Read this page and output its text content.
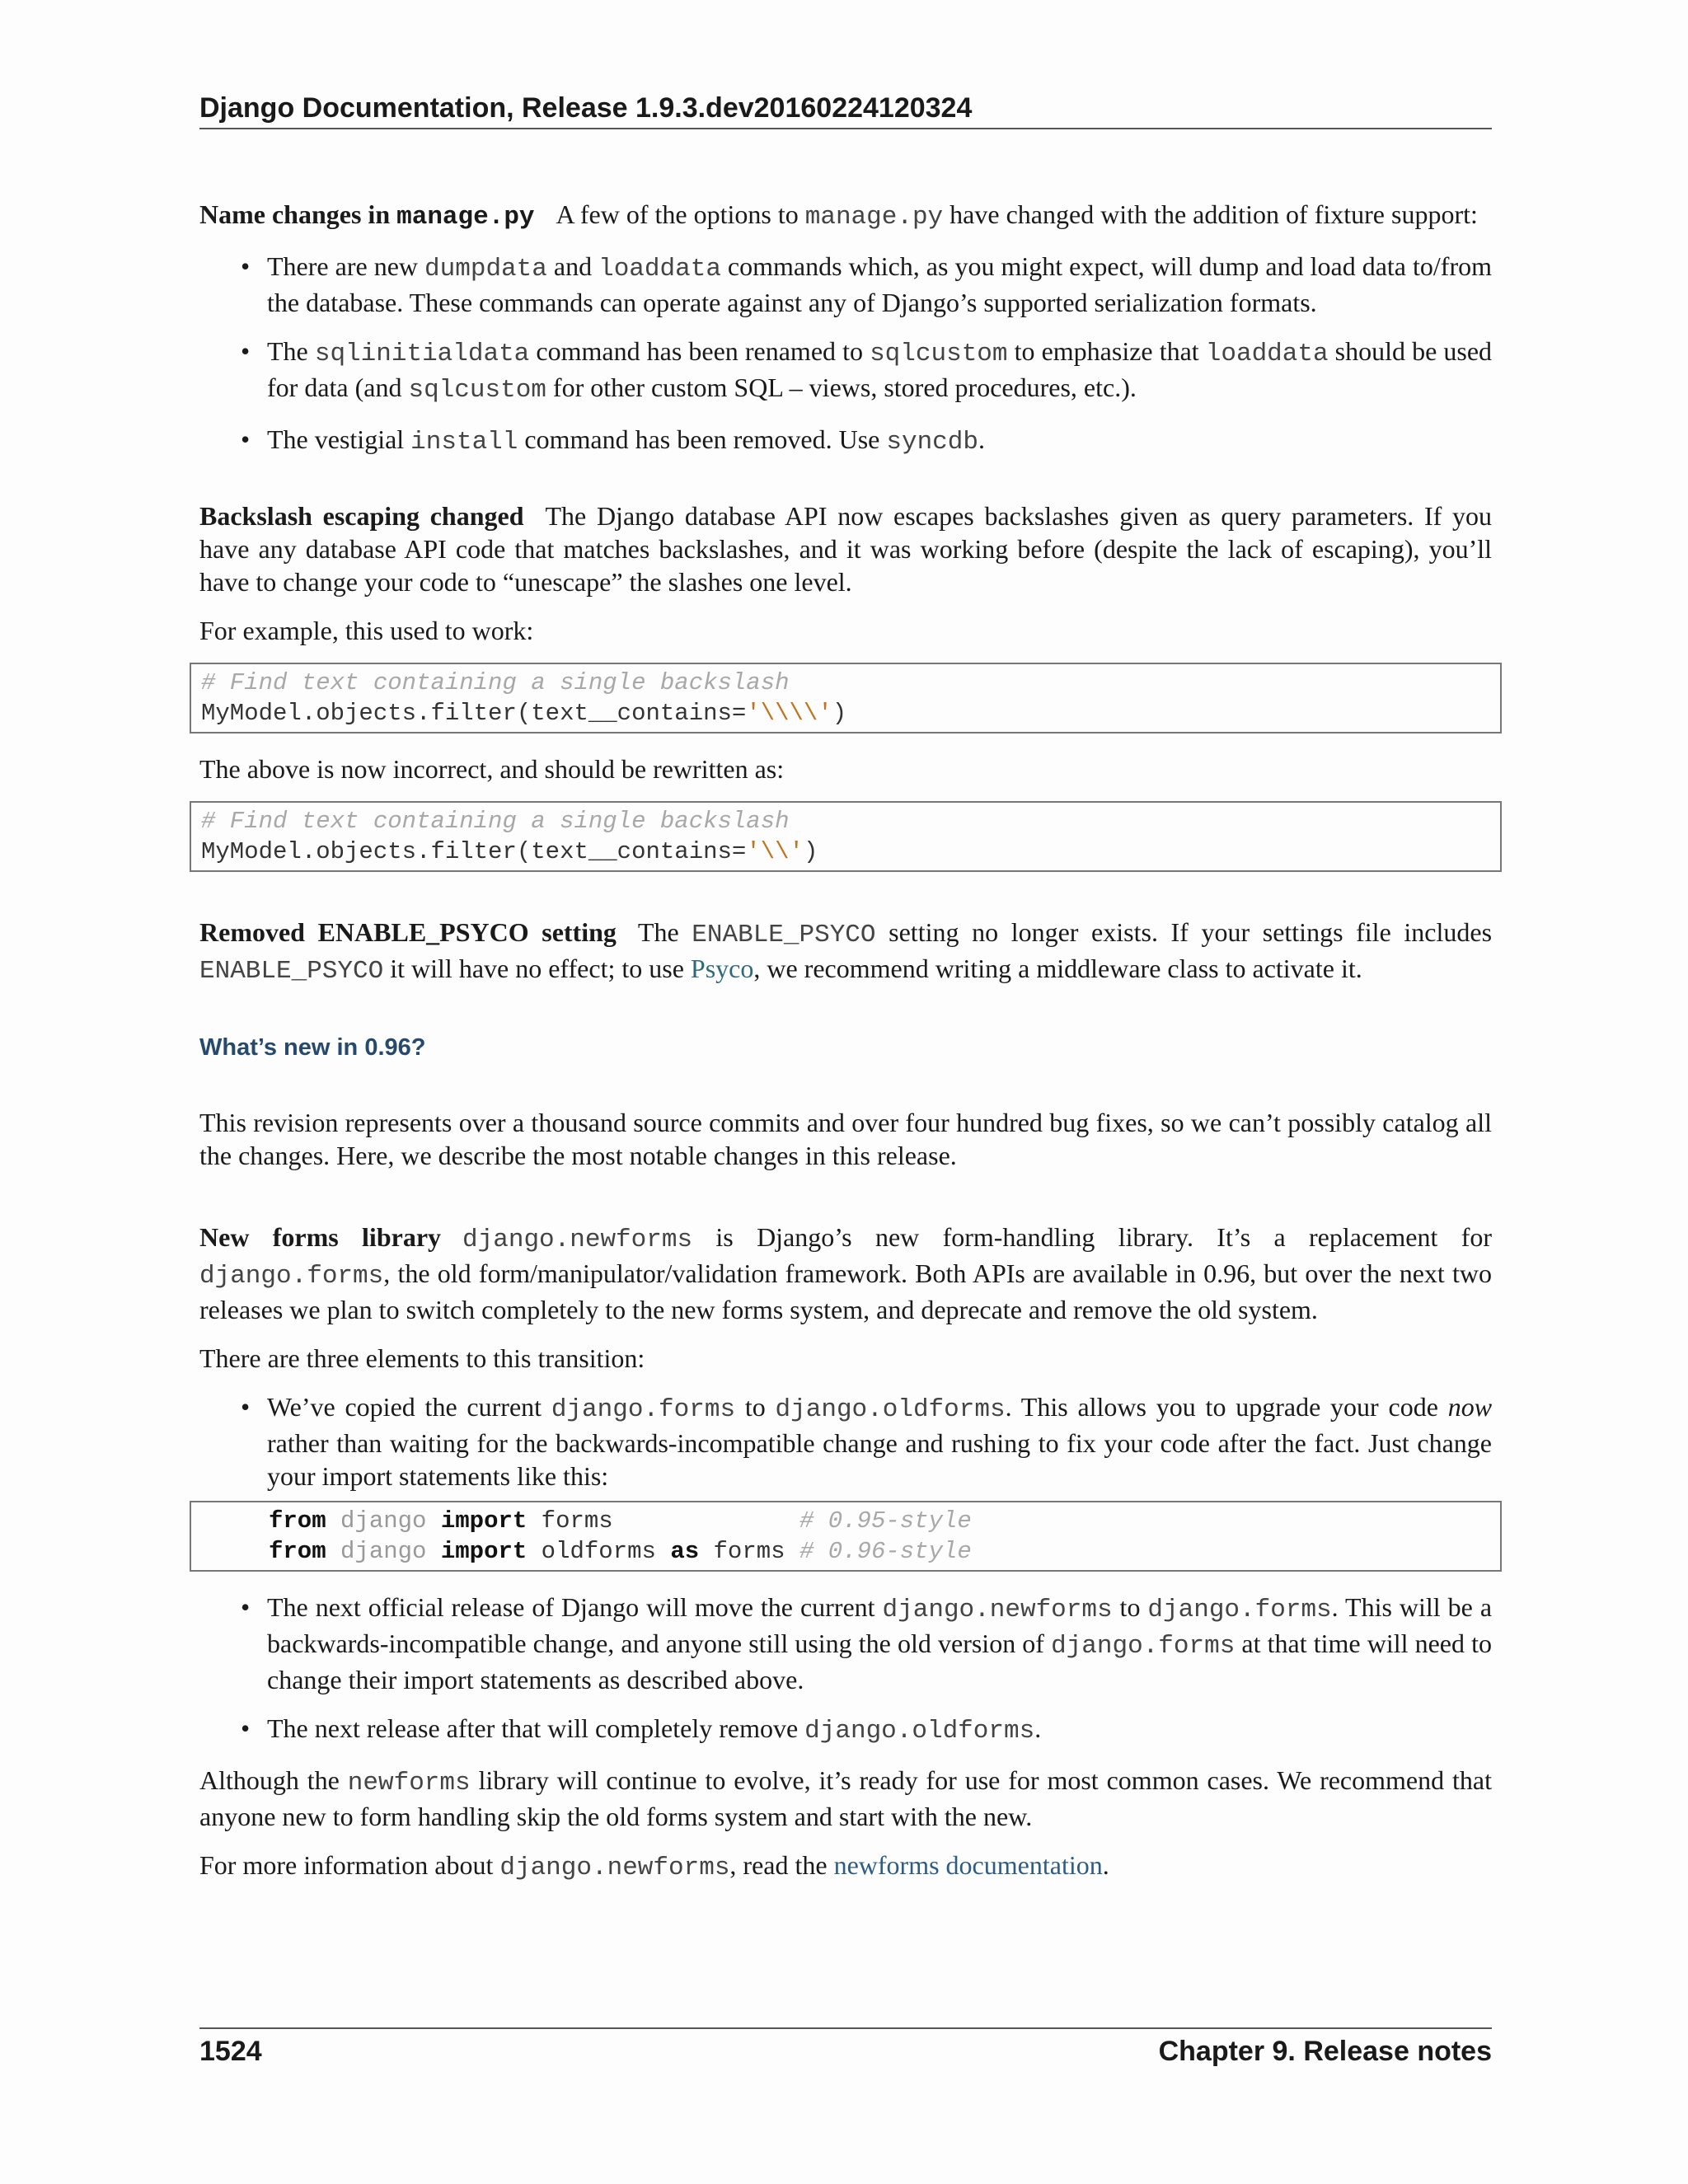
Django Documentation, Release 1.9.3.dev20160224120324

Name changes in manage.py A few of the options to manage.py have changed with the addition of fixture support:

• There are new dumpdata and loaddata commands which, as you might expect, will dump and load data to/from the database. These commands can operate against any of Django’s supported serialization formats.
• The sqlinitialdata command has been renamed to sqlcustom to emphasize that loaddata should be used for data (and sqlcustom for other custom SQL – views, stored procedures, etc.).
• The vestigial install command has been removed. Use syncdb.

Backslash escaping changed The Django database API now escapes backslashes given as query parameters. If you have any database API code that matches backslashes, and it was working before (despite the lack of escaping), you’ll have to change your code to “unescape” the slashes one level.

For example, this used to work:

# Find text containing a single backslash
MyModel.objects.filter(text__contains='\\\\')

The above is now incorrect, and should be rewritten as:

# Find text containing a single backslash
MyModel.objects.filter(text__contains='\\')

Removed ENABLE_PSYCO setting The ENABLE_PSYCO setting no longer exists. If your settings file includes ENABLE_PSYCO it will have no effect; to use Psyco, we recommend writing a middleware class to activate it.

What’s new in 0.96?

This revision represents over a thousand source commits and over four hundred bug fixes, so we can’t possibly catalog all the changes. Here, we describe the most notable changes in this release.

New forms library django.newforms is Django’s new form-handling library. It’s a replacement for django.forms, the old form/manipulator/validation framework. Both APIs are available in 0.96, but over the next two releases we plan to switch completely to the new forms system, and deprecate and remove the old system.

There are three elements to this transition:

• We’ve copied the current django.forms to django.oldforms. This allows you to upgrade your code now rather than waiting for the backwards-incompatible change and rushing to fix your code after the fact. Just change your import statements like this:
from django import forms             # 0.95-style
from django import oldforms as forms # 0.96-style
• The next official release of Django will move the current django.newforms to django.forms. This will be a backwards-incompatible change, and anyone still using the old version of django.forms at that time will need to change their import statements as described above.
• The next release after that will completely remove django.oldforms.

Although the newforms library will continue to evolve, it’s ready for use for most common cases. We recommend that anyone new to form handling skip the old forms system and start with the new.

For more information about django.newforms, read the newforms documentation.

1524	Chapter 9. Release notes
